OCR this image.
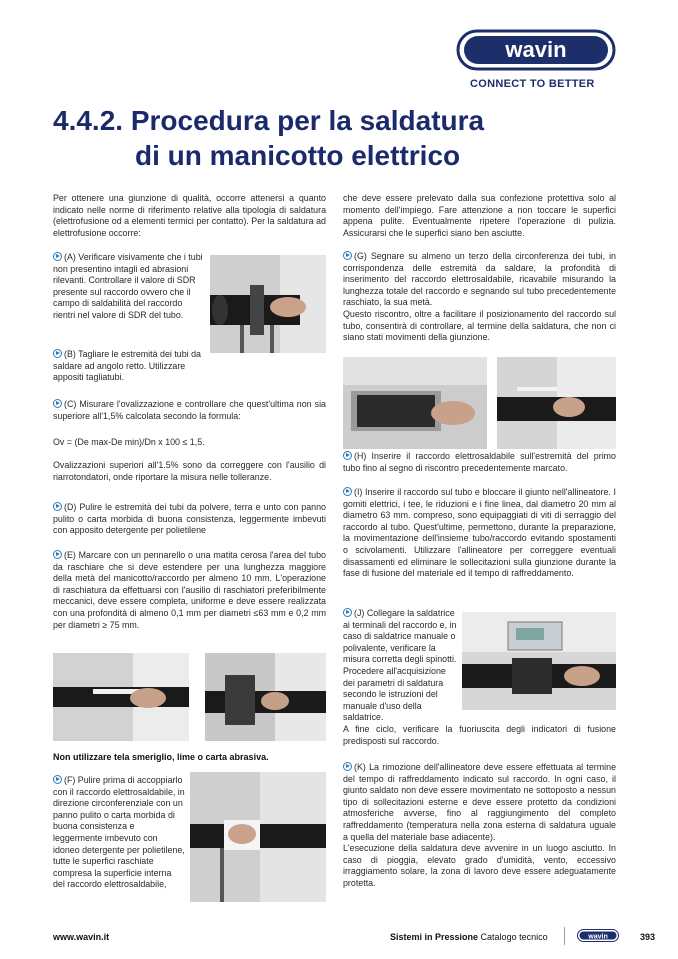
wavin
CONNECT TO BETTER
4.4.2. Procedura per la saldatura
di un manicotto elettrico

Per ottenere una giunzione di qualità, occorre attenersi a quanto indicato nelle norme di riferimento relative alla tipologia di saldatura (elettrofusione od a elementi termici per contatto). Per la saldatura ad elettrofusione occorre:

(A) Verificare visivamente che i tubi non presentino intagli ed abrasioni rilevanti. Controllare il valore di SDR presente sul raccordo ovvero che il campo di saldabilità del raccordo rientri nel valore di SDR del tubo.
(B) Tagliare le estremità dei tubi da saldare ad angolo retto. Utilizzare appositi tagliatubi.

(C) Misurare l'ovalizzazione e controllare che quest'ultima non sia superiore all'1,5% calcolata secondo la formula:

Ov = (De max-De min)/Dn x 100 ≤ 1,5.
Ovalizzazioni superiori all'1.5% sono da correggere con l'ausilio di riarrotondatori, onde riportare la misura nelle tolleranze.
(D) Pulire le estremità dei tubi da polvere, terra e unto con panno pulito o carta morbida di buona consistenza, leggermente imbevuti con apposito detergente per polietilene
(E) Marcare con un pennarello o una matita cerosa l'area del tubo da raschiare che si deve estendere per una lunghezza maggiore della metà del manicotto/raccordo per almeno 10 mm. L'operazione di raschiatura da effettuarsi con l'ausilio di raschiatori preferibilmente meccanici, deve essere completa, uniforme e deve essere realizzata con una profondità di almeno 0,1 mm per diametri ≤63 mm e 0,2 mm per diametri ≥ 75 mm.
Non utilizzare tela smeriglio, lime o carta abrasiva.
(F) Pulire prima di accoppiarlo con il raccordo elettrosaldabile, in direzione circonferenziale con un panno pulito o carta morbida di buona consistenza e leggermente imbevuto con idoneo detergente per polietilene, tutte le superfici raschiate compresa la superficie interna del raccordo elettrosaldabile,
che deve essere prelevato dalla sua confezione protettiva solo al momento dell'impiego. Fare attenzione a non toccare le superfici appena pulite. Eventualmente ripetere l'operazione di pulizia. Assicurarsi che le superfici siano ben asciutte.

(G) Segnare su almeno un terzo della circonferenza dei tubi, in corrispondenza delle estremità da saldare, la profondità di inserimento del raccordo elettrosaldabile, ricavabile misurando la lunghezza totale del raccordo e segnando sul tubo precedentemente raschiato, la sua metà.

Questo riscontro, oltre a facilitare il posizionamento del raccordo sul tubo, consentirà di controllare, al termine della saldatura, che non ci siano stati movimenti della giunzione.

(H) Inserire il raccordo elettrosaldabile sull'estremità del primo tubo fino al segno di riscontro precedentemente marcato.
(I) Inserire il raccordo sul tubo e bloccare il giunto nell'allineatore. I gomiti elettrici, i tee, le riduzioni e i fine linea, dal diametro 20 mm al diametro 63 mm. compreso, sono equipaggiati di viti di serraggio del raccordo al tubo. Quest'ultime, permettono, durante la preparazione, la movimentazione dell'insieme tubo/raccordo evitando spostamenti o scivolamenti. Utilizzare l'allineatore per correggere eventuali disassamenti ed eliminare le sollecitazioni sulla giunzione durante la fase di fusione del materiale ed il tempo di raffreddamento.
(J) Collegare la saldatrice ai terminali del raccordo e, in caso di saldatrice manuale o polivalente, verificare la misura corretta degli spinotti. Procedere all'acquisizione dei parametri di saldatura secondo le istruzioni del manuale d'uso della saldatrice.
A fine ciclo, verificare la fuoriuscita degli indicatori di fusione predisposti sul raccordo.

(K) La rimozione dell'allineatore deve essere effettuata al termine del tempo di raffreddamento indicato sul raccordo. In ogni caso, il giunto saldato non deve essere movimentato ne sottoposto a nessun tipo di sollecitazioni esterne e deve essere protetto da condizioni atmosferiche avverse, fino al raggiungimento del completo raffreddamento (temperatura nella zona esterna di saldatura uguale a quella del materiale base adiacente).

L'esecuzione della saldatura deve avvenire in un luogo asciutto. In caso di pioggia, elevato grado d'umidità, vento, eccessivo irraggiamento solare, la zona di lavoro deve essere adeguatamente protetta.

www.wavin.it	Sistemi in Pressione Catalogo tecnico	wavin	393
